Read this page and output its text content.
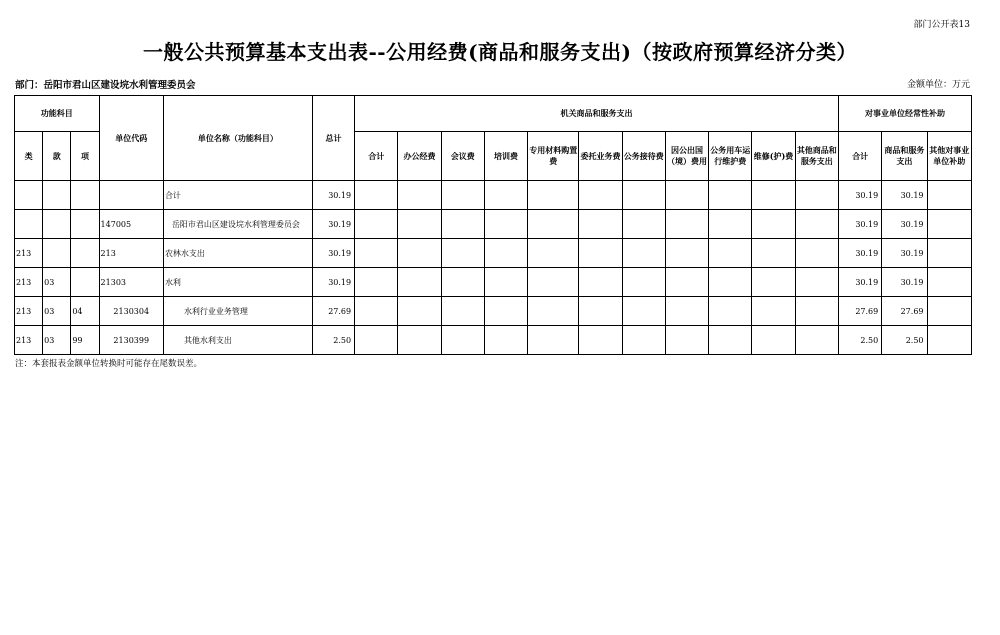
部门公开表13
一般公共预算基本支出表--公用经费(商品和服务支出)（按政府预算经济分类）
部门：岳阳市君山区建设垸水利管理委员会	金额单位：万元
功能科目			单位代码	单位名称（功能科目）	总计	机关商品和服务支出											对事业单位经常性补助		
类	款	项				合计	办公经费	会议费	培训费	专用材料购置费	委托业务费	公务接待费	因公出国（境）费用	公务用车运行维护费	维修(护)费	其他商品和服务支出	合计	商品和服务支出	其他对事业单位补助
				合计	30.19												30.19	30.19	
			147005	岳阳市君山区建设垸水利管理委员会	30.19												30.19	30.19	
213			213	农林水支出	30.19												30.19	30.19	
213	03		21303	水利	30.19												30.19	30.19	
213	03	04	2130304	水利行业业务管理	27.69												27.69	27.69	
213	03	99	2130399	其他水利支出	2.50												2.50	2.50	
注：本套报表金额单位转换时可能存在尾数误差。
